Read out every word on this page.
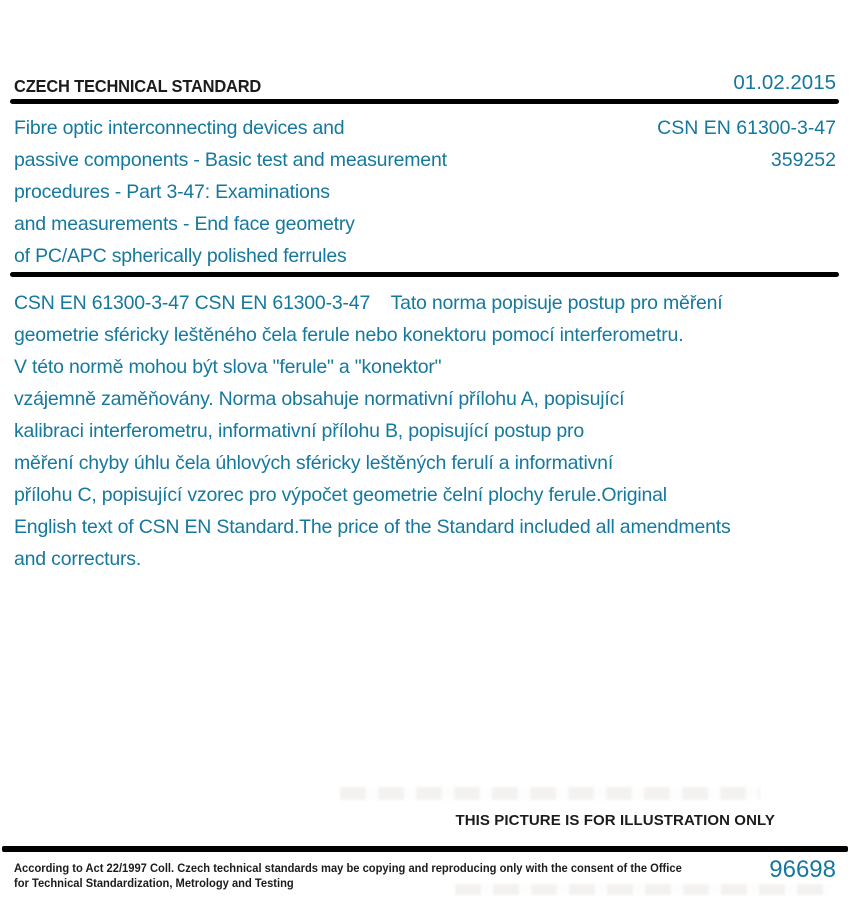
CZECH TECHNICAL STANDARD	01.02.2015
Fibre optic interconnecting devices and
passive components - Basic test and measurement
procedures - Part 3-47: Examinations
and measurements - End face geometry
of PC/APC spherically polished ferrules
CSN EN 61300-3-47
359252
CSN EN 61300-3-47 CSN EN 61300-3-47    Tato norma popisuje postup pro měření
geometrie sféricky leštěného čela ferule nebo konektoru pomocí interferometru.
V této normě mohou být slova "ferule" a "konektor"
vzájemně zaměňovány. Norma obsahuje normativní přílohu A, popisující
kalibraci interferometru, informativní přílohu B, popisující postup pro
měření chyby úhlu čela úhlových sféricky leštěných ferulí a informativní
přílohu C, popisující vzorec pro výpočet geometrie čelní plochy ferule.Original
English text of CSN EN Standard.The price of the Standard included all amendments
and correcturs.
THIS PICTURE IS FOR ILLUSTRATION ONLY
According to Act 22/1997 Coll. Czech technical standards may be copying and reproducing only with the consent of the Office
for Technical Standardization, Metrology and Testing
96698
